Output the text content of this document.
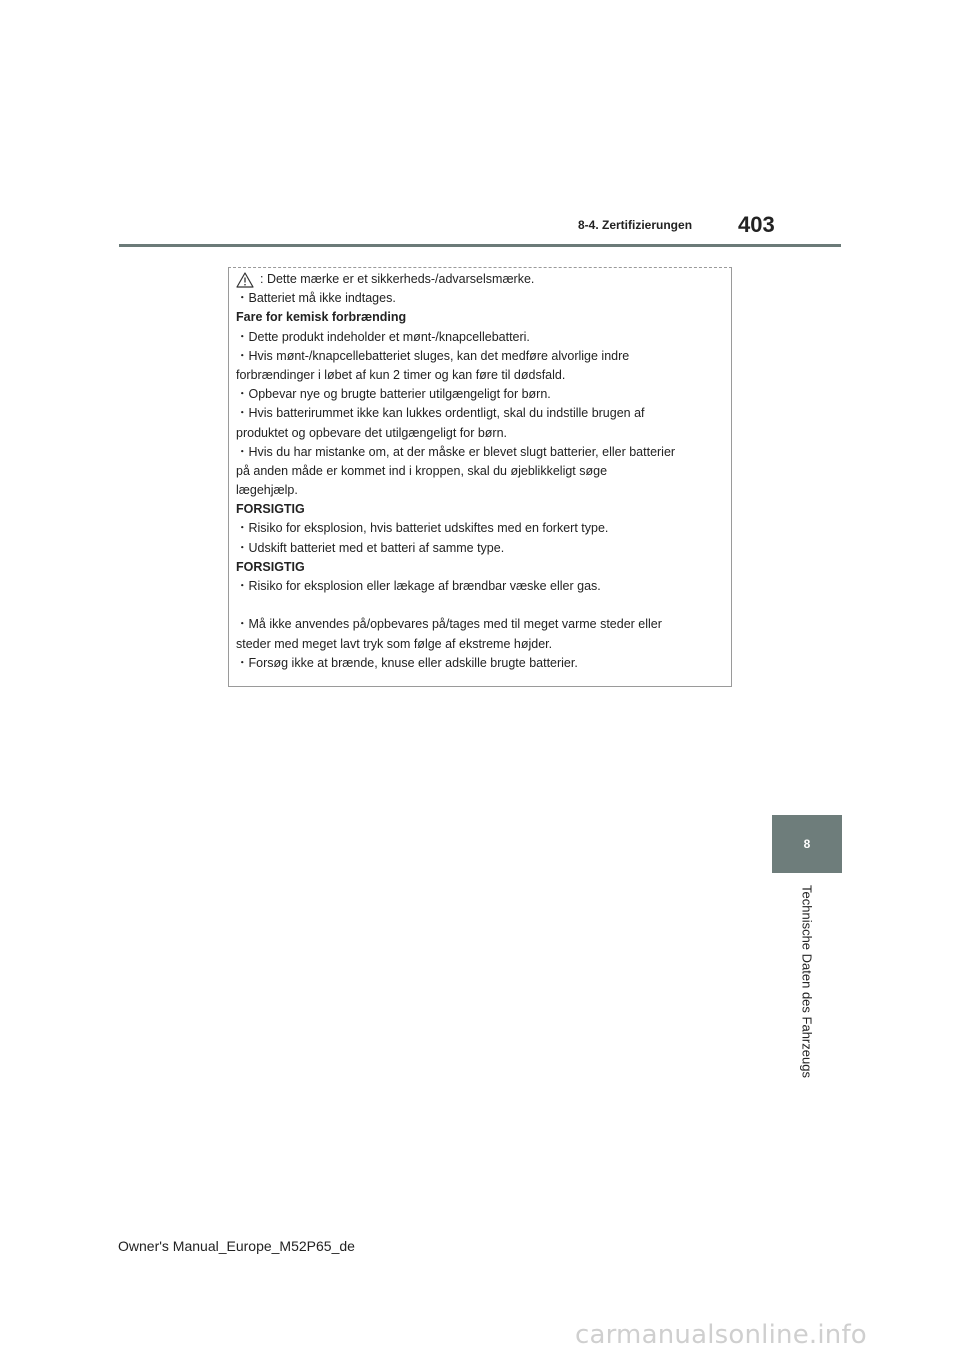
8-4. Zertifizierungen 403
: Dette mærke er et sikkerheds-/advarselsmærke.
・Batteriet må ikke indtages.
Fare for kemisk forbrænding
・Dette produkt indeholder et mønt-/knapcellebatteri.
・Hvis mønt-/knapcellebatteriet sluges, kan det medføre alvorlige indre
forbrændinger i løbet af kun 2 timer og kan føre til dødsfald.
・Opbevar nye og brugte batterier utilgængeligt for børn.
・Hvis batterirummet ikke kan lukkes ordentligt, skal du indstille brugen af
produktet og opbevare det utilgængeligt for børn.
・Hvis du har mistanke om, at der måske er blevet slugt batterier, eller batterier
på anden måde er kommet ind i kroppen, skal du øjeblikkeligt søge
lægehjælp.
FORSIGTIG
・Risiko for eksplosion, hvis batteriet udskiftes med en forkert type.
・Udskift batteriet med et batteri af samme type.
FORSIGTIG
・Risiko for eksplosion eller lækage af brændbar væske eller gas.
・Må ikke anvendes på/opbevares på/tages med til meget varme steder eller
steder med meget lavt tryk som følge af ekstreme højder.
・Forsøg ikke at brænde, knuse eller adskille brugte batterier.
8
Technische Daten des Fahrzeugs
Owner's Manual_Europe_M52P65_de
carmanualsonline.info
